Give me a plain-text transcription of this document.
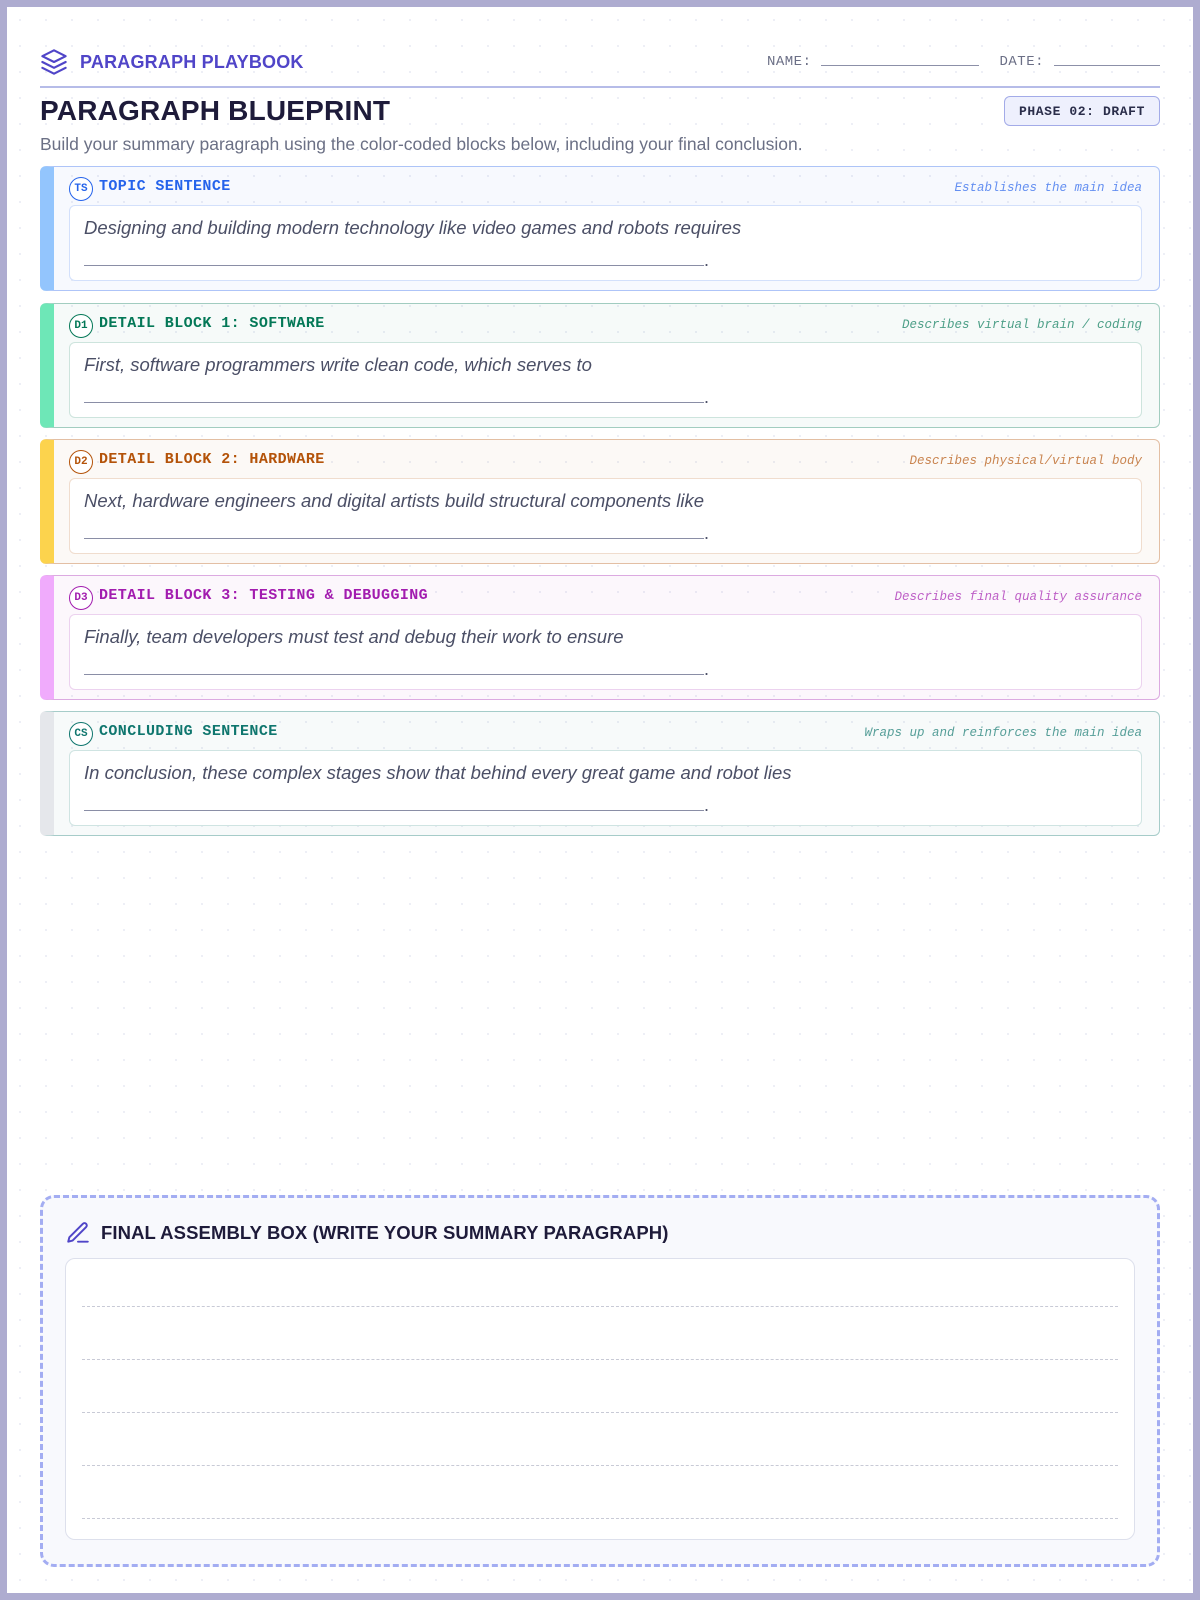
PARAGRAPH PLAYBOOK	NAME:	DATE:
PARAGRAPH BLUEPRINT
Build your summary paragraph using the color-coded blocks below, including your final conclusion.
PHASE 02: DRAFT
TS TOPIC SENTENCE	Establishes the main idea
Designing and building modern technology like video games and robots requires
.
D1 DETAIL BLOCK 1: SOFTWARE	Describes virtual brain / coding
First, software programmers write clean code, which serves to
.
D2 DETAIL BLOCK 2: HARDWARE	Describes physical/virtual body
Next, hardware engineers and digital artists build structural components like
.
D3 DETAIL BLOCK 3: TESTING & DEBUGGING	Describes final quality assurance
Finally, team developers must test and debug their work to ensure
.
CS CONCLUDING SENTENCE	Wraps up and reinforces the main idea
In conclusion, these complex stages show that behind every great game and robot lies
.
FINAL ASSEMBLY BOX (WRITE YOUR SUMMARY PARAGRAPH)
